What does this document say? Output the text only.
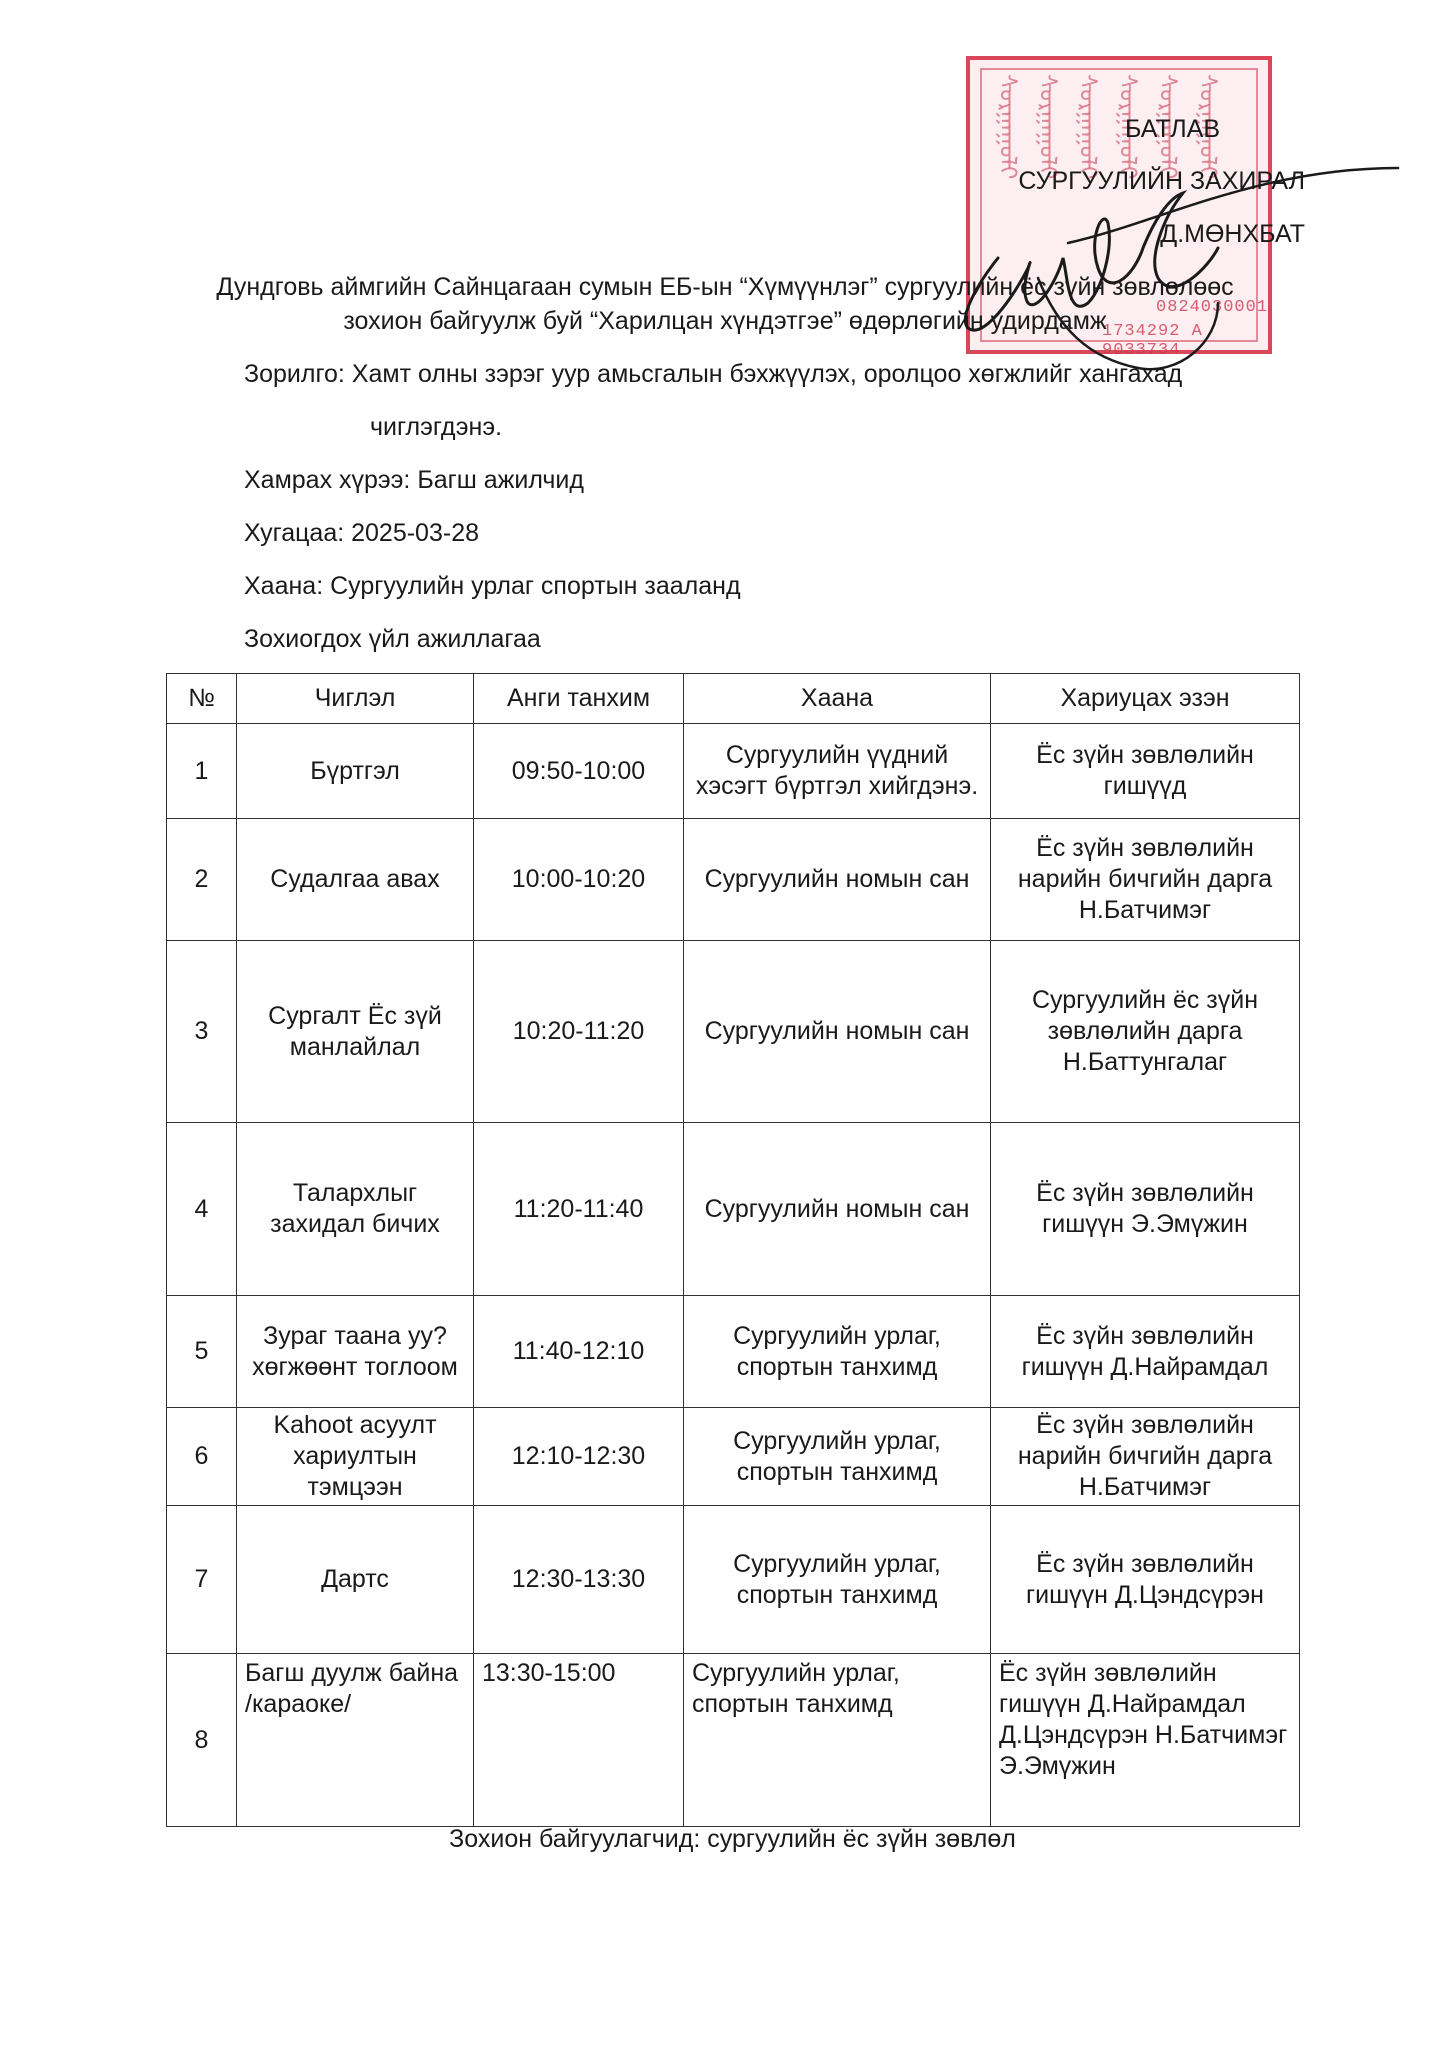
ᠰᠤᠷᠭᠠᠭᠤᠯᠢ ᠰᠤᠷᠭᠠᠭᠤᠯᠢ ᠰᠤᠷᠭᠠᠭᠤᠯᠢ ᠰᠤᠷᠭᠠᠭᠤᠯᠢ ᠰᠤᠷᠭᠠᠭᠤᠯᠢ ᠰᠤᠷᠭᠠᠭᠤᠯᠢ
0824030001
1734292 А 9033734
БАТЛАВ
СУРГУУЛИЙН ЗАХИРАЛ
Д.МӨНХБАТ
Дундговь аймгийн Сайнцагаан сумын ЕБ-ын “Хүмүүнлэг” сургуулийн ёс зүйн зөвлөлөөс
зохион байгуулж буй “Харилцан хүндэтгэе” өдөрлөгийн удирдамж
Зорилго: Хамт олны зэрэг уур амьсгалын бэхжүүлэх, оролцоо хөгжлийг хангахад
чиглэгдэнэ.
Хамрах хүрээ: Багш ажилчид
Хугацаа: 2025-03-28
Хаана: Сургуулийн урлаг спортын зааланд
Зохиогдох үйл ажиллагаа
№	Чиглэл	Анги танхим	Хаана	Хариуцах эзэн
1	Бүртгэл	09:50-10:00	Сургуулийн үүдний хэсэгт бүртгэл хийгдэнэ.	Ёс зүйн зөвлөлийн гишүүд
2	Судалгаа авах	10:00-10:20	Сургуулийн номын сан	Ёс зүйн зөвлөлийн нарийн бичгийн дарга Н.Батчимэг
3	Сургалт Ёс зүй манлайлал	10:20-11:20	Сургуулийн номын сан	Сургуулийн ёс зүйн зөвлөлийн дарга Н.Баттунгалаг
4	Талархлыг захидал бичих	11:20-11:40	Сургуулийн номын сан	Ёс зүйн зөвлөлийн гишүүн Э.Эмүжин
5	Зураг таана уу? хөгжөөнт тоглоом	11:40-12:10	Сургуулийн урлаг, спортын танхимд	Ёс зүйн зөвлөлийн гишүүн Д.Найрамдал
6	Kahoot асуулт хариултын тэмцээн	12:10-12:30	Сургуулийн урлаг, спортын танхимд	Ёс зүйн зөвлөлийн нарийн бичгийн дарга Н.Батчимэг
7	Дартс	12:30-13:30	Сургуулийн урлаг, спортын танхимд	Ёс зүйн зөвлөлийн гишүүн Д.Цэндсүрэн
8	Багш дуулж байна /караоке/	13:30-15:00	Сургуулийн урлаг, спортын танхимд	Ёс зүйн зөвлөлийн гишүүн Д.Найрамдал Д.Цэндсүрэн Н.Батчимэг Э.Эмүжин
Зохион байгуулагчид: сургуулийн ёс зүйн зөвлөл
